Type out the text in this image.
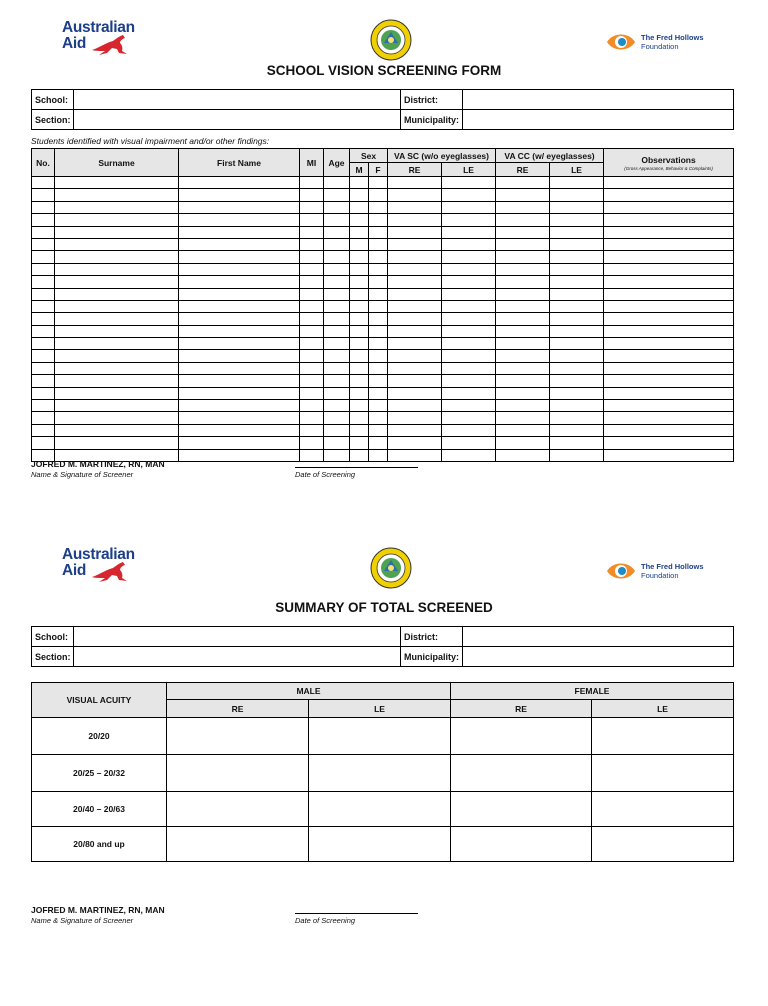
Australian
Aid	The Fred Hollows
Foundation
SCHOOL VISION SCREENING FORM
School:		District:	
Section:		Municipality:	
Students identified with visual impairment and/or other findings:
No.	Surname	First Name	MI	Age	Sex		VA SC (w/o eyeglasses)		VA CC (w/ eyeglasses)		Observations
(Gross Appearance, Behavior & Complaints)

					M	F	RE	LE	RE	LE	

JOFRED M. MARTINEZ, RN, MAN
Name & Signature of Screener	Date of Screening
Australian
Aid	The Fred Hollows
Foundation
SUMMARY OF TOTAL SCREENED
School:		District:	
Section:		Municipality:	
VISUAL ACUITY	MALE		FEMALE	
	RE	LE	RE	LE
20/20				
20/25 – 20/32				
20/40 – 20/63				
20/80 and up				
JOFRED M. MARTINEZ, RN, MAN
Name & Signature of Screener	Date of Screening
